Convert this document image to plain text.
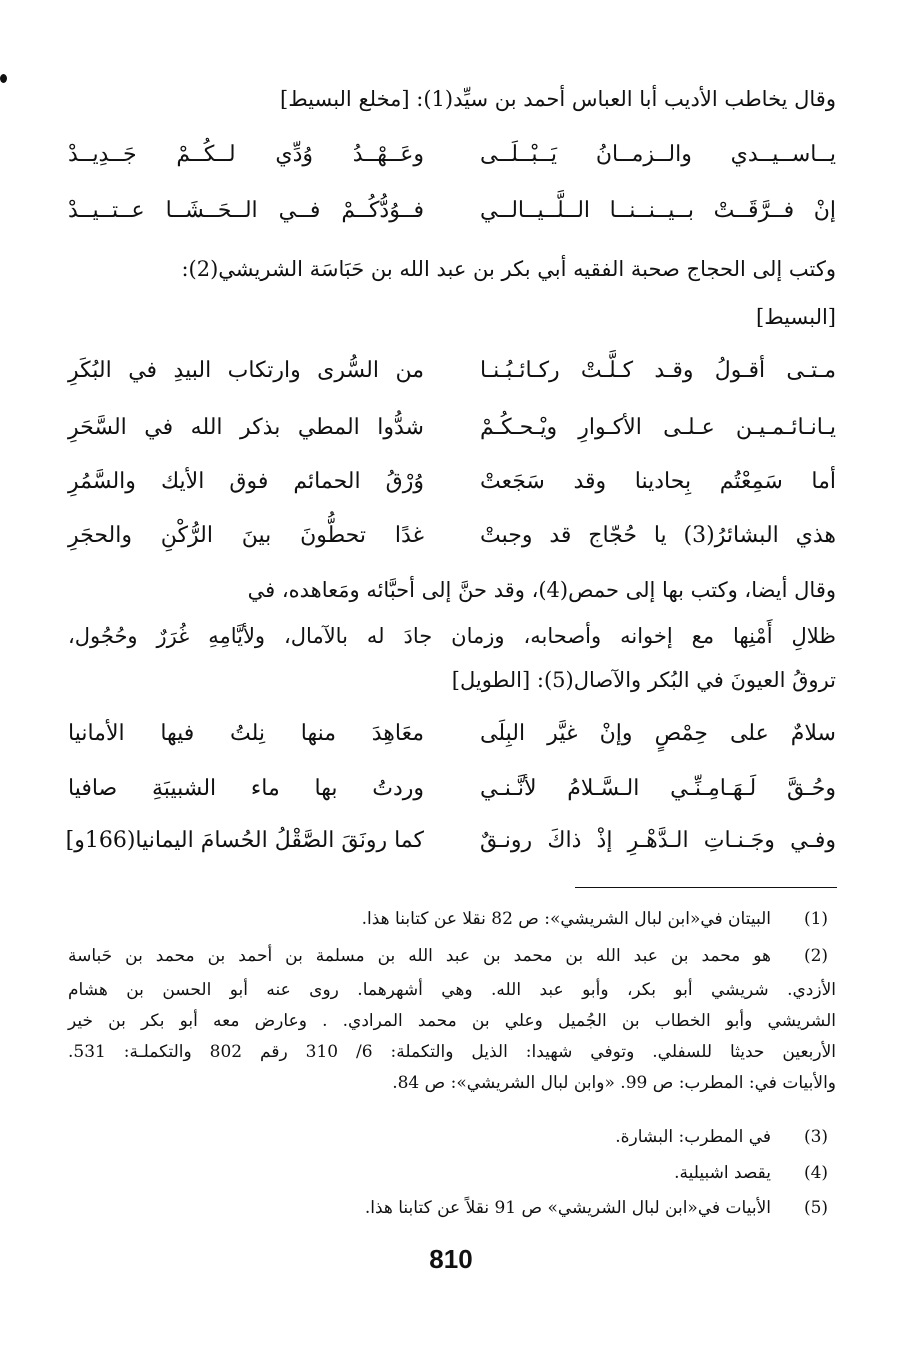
وقال يخاطب الأديب أبا العباس أحمد بن سيِّد(1): [مخلع البسيط]
يــاســيــدي والــزمــانُ يَــبْــلَــى
وعَــهْــدُ وُدِّي لــكُــمْ جَــدِيــدْ
إنْ فــرَّقَــتْ بــيــنــنــا الــلَّــيــالــي
فــوُدُّكُــمْ فــي الــحَــشَــا عــتــيــدْ
وكتب إلى الحجاج صحبة الفقيه أبي بكر بن عبد الله بن حَبَاسَة الشريشي(2):
[البسيط]
مـتـى أقـولُ وقـد كـلَّـتْ ركـائـبُـنـا
من السُّرى وارتكاب البيدِ في البُكَرِ
يـانـائـمـيـن عـلـى الأكـوارِ ويْـحـكُـمْ
شدُّوا المطي بذكر الله في السَّحَرِ
أما سَمِعْتُم بِحادينا وقد سَجَعتْ
وُرْقُ الحمائم فوق الأيك والسَّمُرِ
هذي البشائرُ(3) يا حُجّاج قد وجبتْ
غدًا تحطُّونَ بينَ الرُّكْنِ والحجَرِ
وقال أيضا، وكتب بها إلى حمص(4)، وقد حنَّ إلى أحبَّائه ومَعاهده، في
ظلالِ أَمْنِها مع إخوانه وأصحابه، وزمان جادَ له بالآمال، ولأيَّامِهِ غُرَرٌ وحُجُول،
تروقُ العيونَ في البُكر والآصال(5): [الطويل]
سلامٌ على حِمْصٍ وإنْ غيَّر البِلَى
معَاهِدَ منها نِلتُ فيها الأمانيا
وحُـقَّ لَـهَـامِـنِّـي الـسَّـلامُ لأنَّـنـي
وردتُ بها ماء الشبيبَةِ صافيا
وفـي وجَـنـاتِ الـدَّهْـرِ إذْ ذاكَ رونـقٌ
كما رونَقَ الصَّقْلُ الحُسامَ اليمانيا(166و]
(1)
البيتان في«ابن لبال الشريشي»: ص 82 نقلا عن كتابنا هذا.
(2)
هو محمد بن عبد الله بن محمد بن عبد الله بن مسلمة بن أحمد بن محمد بن حَباسة
الأزدي. شريشي أبو بكر، وأبو عبد الله. وهي أشهرهما. روى عنه أبو الحسن بن هشام
الشريشي وأبو الخطاب بن الجُميل وعلي بن محمد المرادي. . وعارض معه أبو بكر بن خير
الأربعين حديثا للسفلي. وتوفي شهيدا: الذيل والتكملة: 6/ 310 رقم 802 والتكملـة: 531.
والأبيات في: المطرب: ص 99. «وابن لبال الشريشي»: ص 84.
(3)
في المطرب: البشارة.
(4)
يقصد اشبيلية.
(5)
الأبيات في«ابن لبال الشريشي» ص 91 نقلاً عن كتابنا هذا.
810
